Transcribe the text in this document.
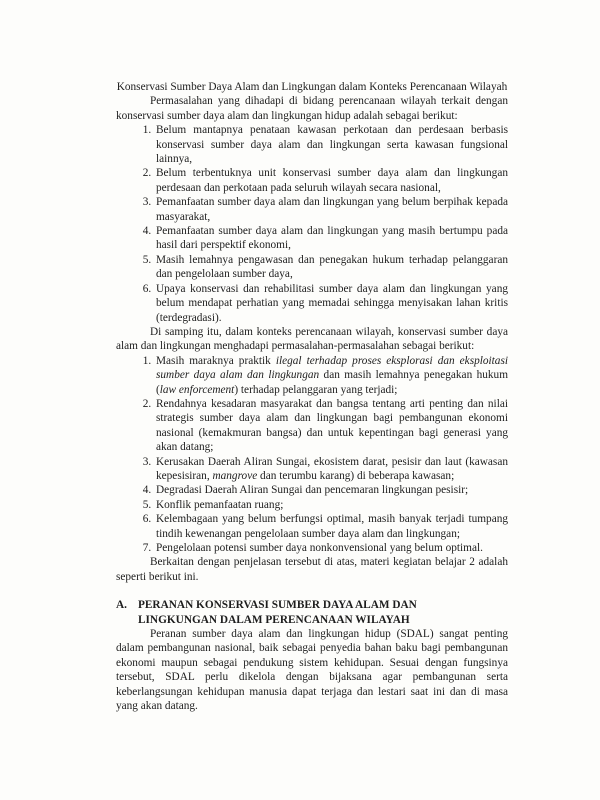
Konservasi Sumber Daya Alam dan Lingkungan dalam Konteks Perencanaan Wilayah

Permasalahan yang dihadapi di bidang perencanaan wilayah terkait dengan konservasi sumber daya alam dan lingkungan hidup adalah sebagai berikut:

1. Belum mantapnya penataan kawasan perkotaan dan perdesaan berbasis konservasi sumber daya alam dan lingkungan serta kawasan fungsional lainnya,
2. Belum terbentuknya unit konservasi sumber daya alam dan lingkungan perdesaan dan perkotaan pada seluruh wilayah secara nasional,
3. Pemanfaatan sumber daya alam dan lingkungan yang belum berpihak kepada masyarakat,
4. Pemanfaatan sumber daya alam dan lingkungan yang masih bertumpu pada hasil dari perspektif ekonomi,
5. Masih lemahnya pengawasan dan penegakan hukum terhadap pelanggaran dan pengelolaan sumber daya,
6. Upaya konservasi dan rehabilitasi sumber daya alam dan lingkungan yang belum mendapat perhatian yang memadai sehingga menyisakan lahan kritis (terdegradasi).

Di samping itu, dalam konteks perencanaan wilayah, konservasi sumber daya alam dan lingkungan menghadapi permasalahan-permasalahan sebagai berikut:

1. Masih maraknya praktik ilegal terhadap proses eksplorasi dan eksploitasi sumber daya alam dan lingkungan dan masih lemahnya penegakan hukum (law enforcement) terhadap pelanggaran yang terjadi;
2. Rendahnya kesadaran masyarakat dan bangsa tentang arti penting dan nilai strategis sumber daya alam dan lingkungan bagi pembangunan ekonomi nasional (kemakmuran bangsa) dan untuk kepentingan bagi generasi yang akan datang;
3. Kerusakan Daerah Aliran Sungai, ekosistem darat, pesisir dan laut (kawasan kepesisiran, mangrove dan terumbu karang) di beberapa kawasan;
4. Degradasi Daerah Aliran Sungai dan pencemaran lingkungan pesisir;
5. Konflik pemanfaatan ruang;
6. Kelembagaan yang belum berfungsi optimal, masih banyak terjadi tumpang tindih kewenangan pengelolaan sumber daya alam dan lingkungan;
7. Pengelolaan potensi sumber daya nonkonvensional yang belum optimal.

Berkaitan dengan penjelasan tersebut di atas, materi kegiatan belajar 2 adalah seperti berikut ini.

A. PERANAN KONSERVASI SUMBER DAYA ALAM DAN
LINGKUNGAN DALAM PERENCANAAN WILAYAH

Peranan sumber daya alam dan lingkungan hidup (SDAL) sangat penting dalam pembangunan nasional, baik sebagai penyedia bahan baku bagi pembangunan ekonomi maupun sebagai pendukung sistem kehidupan. Sesuai dengan fungsinya tersebut, SDAL perlu dikelola dengan bijaksana agar pembangunan serta keberlangsungan kehidupan manusia dapat terjaga dan lestari saat ini dan di masa yang akan datang.
